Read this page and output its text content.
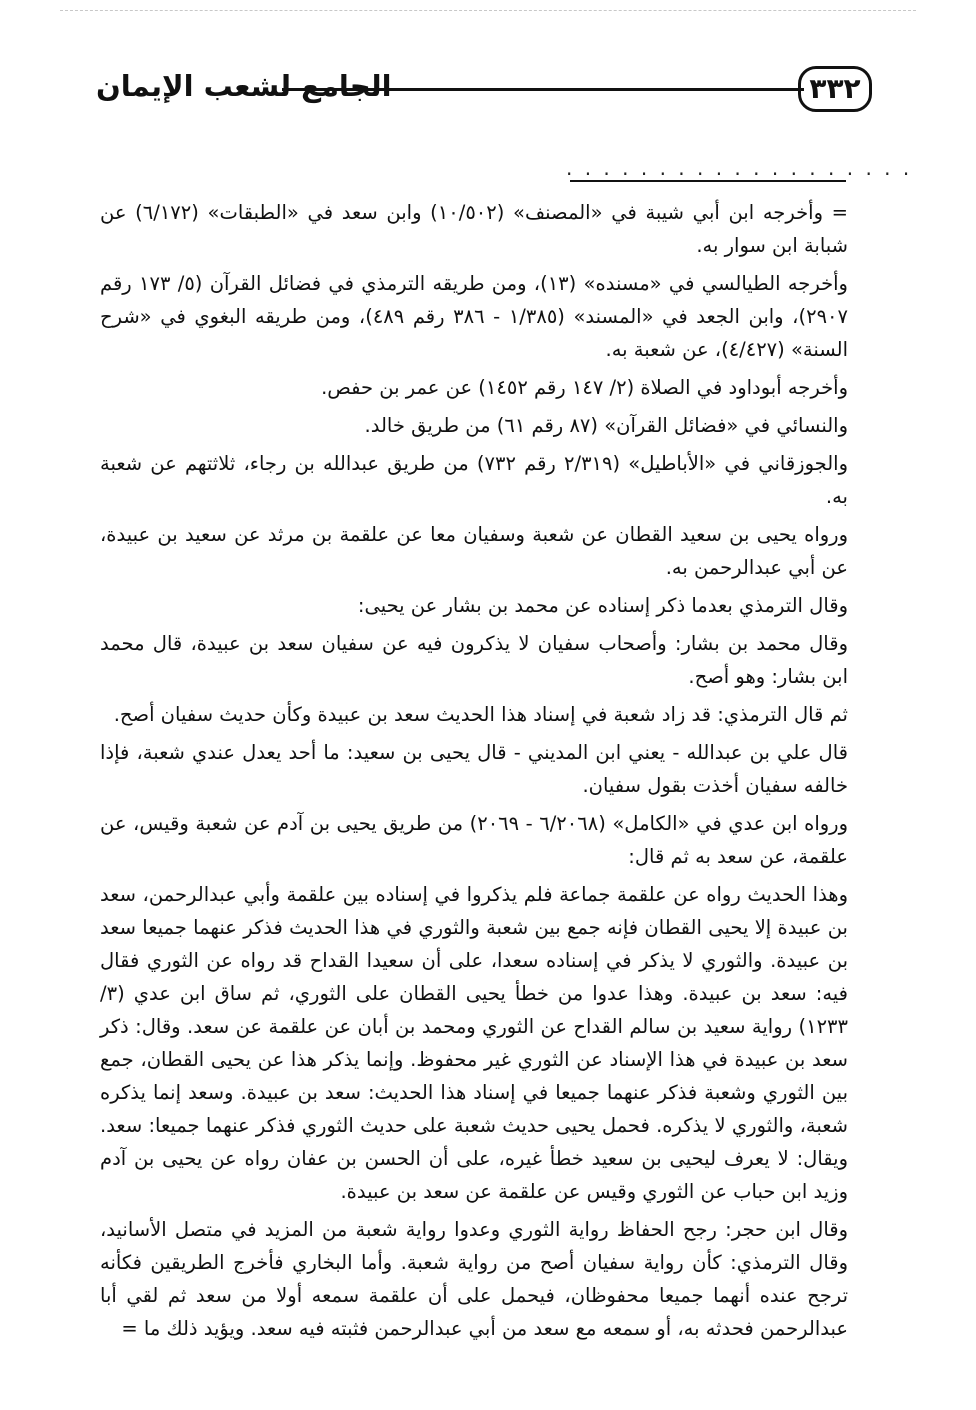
٣٣٢
الجامع لشعب الإيمان
. . . . . . . . . . . . . . . . . . .

= وأخرجه ابن أبي شيبة في «المصنف» (١٠/٥٠٢) وابن سعد في «الطبقات» (٦/١٧٢) عن شبابة ابن سوار به.

وأخرجه الطيالسي في «مسنده» (١٣)، ومن طريقه الترمذي في فضائل القرآن (٥/ ١٧٣ رقم ٢٩٠٧)، وابن الجعد في «المسند» (١/٣٨٥ - ٣٨٦ رقم ٤٨٩)، ومن طريقه البغوي في «شرح السنة» (٤/٤٢٧)، عن شعبة به.

وأخرجه أبوداود في الصلاة (٢/ ١٤٧ رقم ١٤٥٢) عن عمر بن حفص.

والنسائي في «فضائل القرآن» (٨٧ رقم ٦١) من طريق خالد.

والجوزقاني في «الأباطيل» (٢/٣١٩ رقم ٧٣٢) من طريق عبدالله بن رجاء، ثلاثتهم عن شعبة به.

ورواه يحيى بن سعيد القطان عن شعبة وسفيان معا عن علقمة بن مرثد عن سعيد بن عبيدة، عن أبي عبدالرحمن به.

وقال الترمذي بعدما ذكر إسناده عن محمد بن بشار عن يحيى:

وقال محمد بن بشار: وأصحاب سفيان لا يذكرون فيه عن سفيان سعد بن عبيدة، قال محمد ابن بشار: وهو أصح.

ثم قال الترمذي: قد زاد شعبة في إسناد هذا الحديث سعد بن عبيدة وكأن حديث سفيان أصح.

قال علي بن عبدالله - يعني ابن المديني - قال يحيى بن سعيد: ما أحد يعدل عندي شعبة، فإذا خالفه سفيان أخذت بقول سفيان.

ورواه ابن عدي في «الكامل» (٦/٢٠٦٨ - ٢٠٦٩) من طريق يحيى بن آدم عن شعبة وقيس، عن علقمة، عن سعد به ثم قال:

وهذا الحديث رواه عن علقمة جماعة فلم يذكروا في إسناده بين علقمة وأبي عبدالرحمن، سعد بن عبيدة إلا يحيى القطان فإنه جمع بين شعبة والثوري في هذا الحديث فذكر عنهما جميعا سعد بن عبيدة. والثوري لا يذكر في إسناده سعدا، على أن سعيدا القداح قد رواه عن الثوري فقال فيه: سعد بن عبيدة. وهذا عدوا من خطأ يحيى القطان على الثوري، ثم ساق ابن عدي (٣/ ١٢٣٣) رواية سعيد بن سالم القداح عن الثوري ومحمد بن أبان عن علقمة عن سعد. وقال: ذكر سعد بن عبيدة في هذا الإسناد عن الثوري غير محفوظ. وإنما يذكر هذا عن يحيى القطان، جمع بين الثوري وشعبة فذكر عنهما جميعا في إسناد هذا الحديث: سعد بن عبيدة. وسعد إنما يذكره شعبة، والثوري لا يذكره. فحمل يحيى حديث شعبة على حديث الثوري فذكر عنهما جميعا: سعد. ويقال: لا يعرف ليحيى بن سعيد خطأ غيره، على أن الحسن بن عفان رواه عن يحيى بن آدم وزيد ابن حباب عن الثوري وقيس عن علقمة عن سعد بن عبيدة.

وقال ابن حجر: رجح الحفاظ رواية الثوري وعدوا رواية شعبة من المزيد في متصل الأسانيد، وقال الترمذي: كأن رواية سفيان أصح من رواية شعبة. وأما البخاري فأخرج الطريقين فكأنه ترجح عنده أنهما جميعا محفوظان، فيحمل على أن علقمة سمعه أولا من سعد ثم لقي أبا عبدالرحمن فحدثه به، أو سمعه مع سعد من أبي عبدالرحمن فثبته فيه سعد. ويؤيد ذلك ما =
